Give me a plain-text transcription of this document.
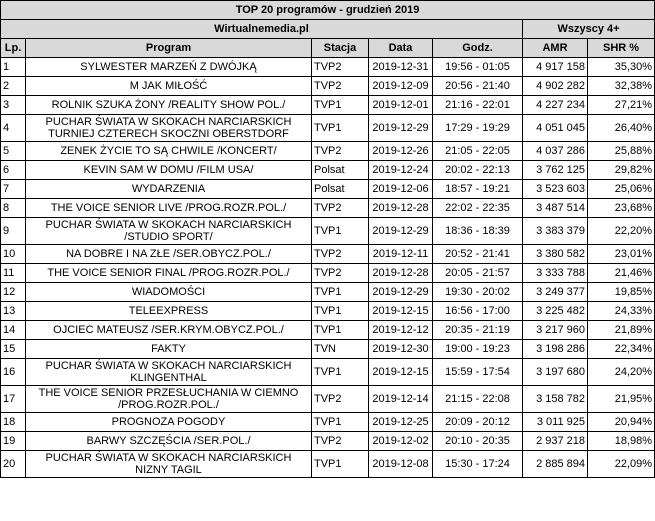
TOP 20 programów - grudzień 2019						
Wirtualnemedia.pl					Wszyscy 4+	
Lp.	Program	Stacja	Data	Godz.	AMR	SHR %
1	SYLWESTER MARZEŃ Z DWÓJKĄ	TVP2	2019-12-31	19:56 - 01:05	4 917 158	35,30%
2	M JAK MIŁOŚĆ	TVP2	2019-12-09	20:56 - 21:40	4 902 282	32,38%
3	ROLNIK SZUKA ŻONY /REALITY SHOW POL./	TVP1	2019-12-01	21:16 - 22:01	4 227 234	27,21%
4	PUCHAR ŚWIATA W SKOKACH NARCIARSKICH TURNIEJ CZTERECH SKOCZNI OBERSTDORF	TVP1	2019-12-29	17:29 - 19:29	4 051 045	26,40%
5	ZENEK ŻYCIE TO SĄ CHWILE /KONCERT/	TVP2	2019-12-26	21:05 - 22:05	4 037 286	25,88%
6	KEVIN SAM W DOMU /FILM USA/	Polsat	2019-12-24	20:02 - 22:13	3 762 125	29,82%
7	WYDARZENIA	Polsat	2019-12-06	18:57 - 19:21	3 523 603	25,06%
8	THE VOICE SENIOR LIVE /PROG.ROZR.POL./	TVP2	2019-12-28	22:02 - 22:35	3 487 514	23,68%
9	PUCHAR ŚWIATA W SKOKACH NARCIARSKICH /STUDIO SPORT/	TVP1	2019-12-29	18:36 - 18:39	3 383 379	22,20%
10	NA DOBRE I NA ZŁE /SER.OBYCZ.POL./	TVP2	2019-12-11	20:52 - 21:41	3 380 582	23,01%
11	THE VOICE SENIOR FINAL /PROG.ROZR.POL./	TVP2	2019-12-28	20:05 - 21:57	3 333 788	21,46%
12	WIADOMOŚCI	TVP1	2019-12-29	19:30 - 20:02	3 249 377	19,85%
13	TELEEXPRESS	TVP1	2019-12-15	16:56 - 17:00	3 225 482	24,33%
14	OJCIEC MATEUSZ /SER.KRYM.OBYCZ.POL./	TVP1	2019-12-12	20:35 - 21:19	3 217 960	21,89%
15	FAKTY	TVN	2019-12-30	19:00 - 19:23	3 198 286	22,34%
16	PUCHAR ŚWIATA W SKOKACH NARCIARSKICH KLINGENTHAL	TVP1	2019-12-15	15:59 - 17:54	3 197 680	24,20%
17	THE VOICE SENIOR PRZESŁUCHANIA W CIEMNO /PROG.ROZR.POL./	TVP2	2019-12-14	21:15 - 22:08	3 158 782	21,95%
18	PROGNOZA POGODY	TVP1	2019-12-25	20:09 - 20:12	3 011 925	20,94%
19	BARWY SZCZĘŚCIA /SER.POL./	TVP2	2019-12-02	20:10 - 20:35	2 937 218	18,98%
20	PUCHAR ŚWIATA W SKOKACH NARCIARSKICH NIZNY TAGIL	TVP1	2019-12-08	15:30 - 17:24	2 885 894	22,09%
